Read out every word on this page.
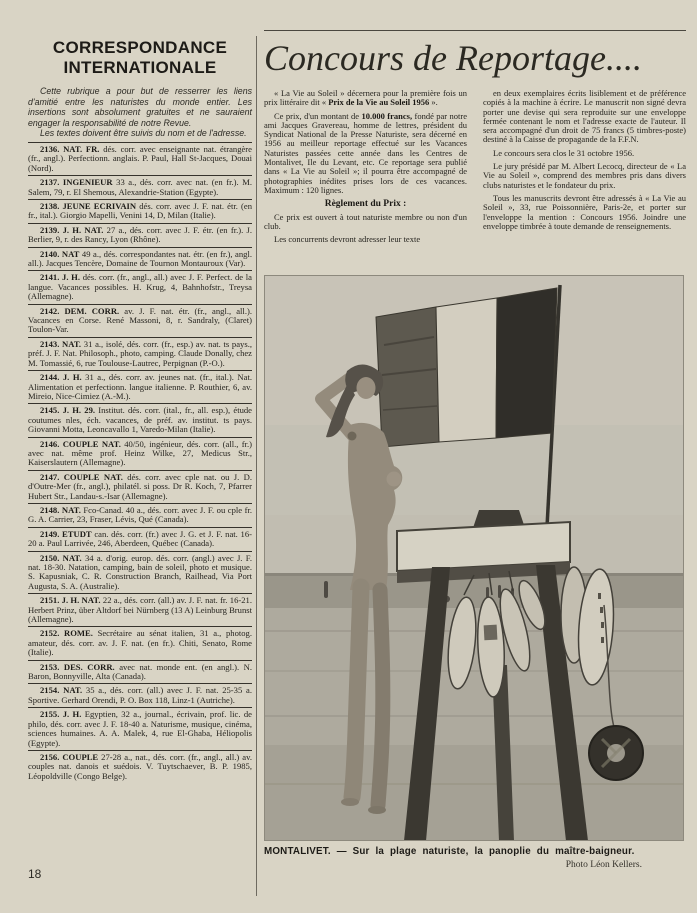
CORRESPONDANCE
INTERNATIONALE

Cette rubrique a pour but de resserrer les liens d'amitié entre les naturistes du monde entier. Les insertions sont absolument gratuites et ne sauraient engager la responsabilité de notre Revue.

Les textes doivent être suivis du nom et de l'adresse.

2136. NAT. FR. dés. corr. avec enseignante nat. étrangère (fr., angl.). Perfectionn. anglais. P. Paul, Hall St-Jacques, Douai (Nord).

2137. INGENIEUR 33 a., dés. corr. avec nat. (en fr.). M. Salem, 79, r. El Shemous, Alexandrie-Station (Egypte).

2138. JEUNE ECRIVAIN dés. corr. avec J. F. nat. étr. (en fr., ital.). Giorgio Mapelli, Venini 14, D, Milan (Italie).

2139. J. H. NAT. 27 a., dés. corr. avec J. F. étr. (en fr.). J. Berlier, 9, r. des Rancy, Lyon (Rhône).

2140. NAT 49 a., dés. correspondantes nat. étr. (en fr.), angl. all.). Jacques Tencère, Domaine de Tournon Montauroux (Var).

2141. J. H. dés. corr. (fr., angl., all.) avec J. F. Perfect. de la langue. Vacances possibles. H. Krug, 4, Bahnhofstr., Treysa (Allemagne).

2142. DEM. CORR. av. J. F. nat. étr. (fr., angl., all.). Vacances en Corse. René Massoni, 8, r. Sandraly, (Claret) Toulon-Var.

2143. NAT. 31 a., isolé, dés. corr. (fr., esp.) av. nat. ts pays., préf. J. F. Nat. Philosoph., photo, camping. Claude Donally, chez M. Tomassié, 6, rue Toulouse-Lautrec, Perpignan (P.-O.).

2144. J. H. 31 a., dés. corr. av. jeunes nat. (fr., ital.). Nat. Alimentation et perfectionn. langue italienne. P. Routhier, 6, av. Mireio, Nice-Cimiez (A.-M.).

2145. J. H. 29. Institut. dés. corr. (ital., fr., all. esp.), étude coutumes nles, éch. vacances, de préf. av. institut. ts pays. Giovanni Motta, Leoncavallo 1, Varedo-Milan (Italie).

2146. COUPLE NAT. 40/50, ingénieur, dés. corr. (all., fr.) avec nat. même prof. Heinz Wilke, 27, Medicus Str., Kaiserslautern (Allemagne).

2147. COUPLE NAT. dés. corr. avec cple nat. ou J. D. d'Outre-Mer (fr., angl.), philatél. si poss. Dr R. Koch, 7, Pfarrer Hubert Str., Landau-s.-Isar (Allemagne).

2148. NAT. Fco-Canad. 40 a., dés. corr. avec J. F. ou cple fr. G. A. Carrier, 23, Fraser, Lévis, Qué (Canada).

2149. ETUDT can. dés. corr. (fr.) avec J. G. et J. F. nat. 16-20 a. Paul Larrivée, 246, Aberdeen, Québec (Canada).

2150. NAT. 34 a. d'orig. europ. dés. corr. (angl.) avec J. F. nat. 18-30. Natation, camping, bain de soleil, photo et musique. S. Kapusniak, C. R. Construction Branch, Railhead, Via Port Augusta, S. A. (Australie).

2151. J. H. NAT. 22 a., dés. corr. (all.) av. J. F. nat. fr. 16-21. Herbert Prinz, über Altdorf bei Nürnberg (13 A) Leinburg Brunst (Allemagne).

2152. ROME. Secrétaire au sénat italien, 31 a., photog. amateur, dés. corr. av. J. F. nat. (en fr.). Chiti, Senato, Rome (Italie).

2153. DES. CORR. avec nat. monde ent. (en angl.). N. Baron, Bonnyville, Alta (Canada).

2154. NAT. 35 a., dés. corr. (all.) avec J. F. nat. 25-35 a. Sportive. Gerhard Orendi, P. O. Box 118, Linz-1 (Autriche).

2155. J. H. Egyptien, 32 a., journal., écrivain, prof. lic. de philo, dés. corr. avec J. F. 18-40 a. Naturisme, musique, cinéma, sciences humaines. A. A. Malek, 4, rue El-Ghaba, Héliopolis (Egypte).

2156. COUPLE 27-28 a., nat., dés. corr. (fr., angl., all.) av. couples nat. danois et suédois. V. Tuytschaever, B. P. 1985, Léopoldville (Congo Belge).

18
Concours de Reportage....

« La Vie au Soleil » décernera pour la première fois un prix littéraire dit « Prix de la Vie au Soleil 1956 ».

Ce prix, d'un montant de 10.000 francs, fondé par notre ami Jacques Gravereau, homme de lettres, président du Syndicat National de la Presse Naturiste, sera décerné en 1956 au meilleur reportage effectué sur les Vacances Naturistes passées cette année dans les Centres de Montalivet, Ile du Levant, etc. Ce reportage sera publié dans « La Vie au Soleil »; il pourra être accompagné de photographies inédites prises lors de ces vacances. Maximum : 120 lignes.

Règlement du Prix :

Ce prix est ouvert à tout naturiste membre ou non d'un club.

Les concurrents devront adresser leur texte

en deux exemplaires écrits lisiblement et de préférence copiés à la machine à écrire. Le manuscrit non signé devra porter une devise qui sera reproduite sur une enveloppe fermée contenant le nom et l'adresse exacte de l'auteur. Il sera accompagné d'un droit de 75 francs (5 timbres-poste) destiné à la Caisse de propagande de la F.F.N.

Le concours sera clos le 31 octobre 1956.

Le jury présidé par M. Albert Lecocq, directeur de « La Vie au Soleil », comprend des membres pris dans divers clubs naturistes et le fondateur du prix.

Tous les manuscrits devront être adressés à « La Vie au Soleil », 33, rue Poissonnière, Paris-2e, et porter sur l'enveloppe la mention : Concours 1956. Joindre une enveloppe timbrée à toute demande de renseignements.

MONTALIVET. — Sur la plage naturiste, la panoplie du maître-baigneur.

Photo Léon Kellers.
